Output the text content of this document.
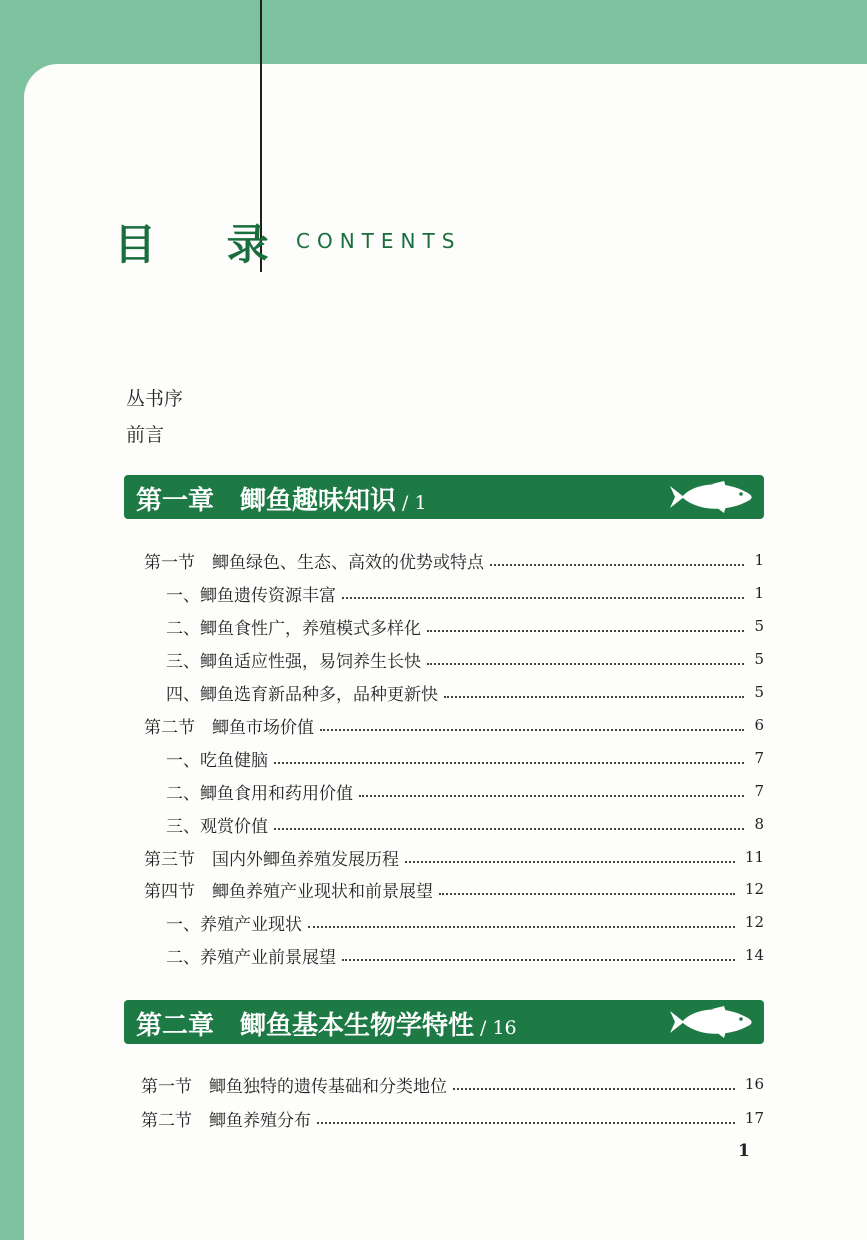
目 录 CONTENTS
丛书序
前言
第一章　鲫鱼趣味知识 / 1
第一节　鲫鱼绿色、生态、高效的优势或特点	1
一、鲫鱼遗传资源丰富	1
二、鲫鱼食性广，养殖模式多样化	5
三、鲫鱼适应性强，易饲养生长快	5
四、鲫鱼选育新品种多，品种更新快	5
第二节　鲫鱼市场价值	6
一、吃鱼健脑	7
二、鲫鱼食用和药用价值	7
三、观赏价值	8
第三节　国内外鲫鱼养殖发展历程	11
第四节　鲫鱼养殖产业现状和前景展望	12
一、养殖产业现状	12
二、养殖产业前景展望	14
第二章　鲫鱼基本生物学特性 / 16
第一节　鲫鱼独特的遗传基础和分类地位	16
第二节　鲫鱼养殖分布	17
1
